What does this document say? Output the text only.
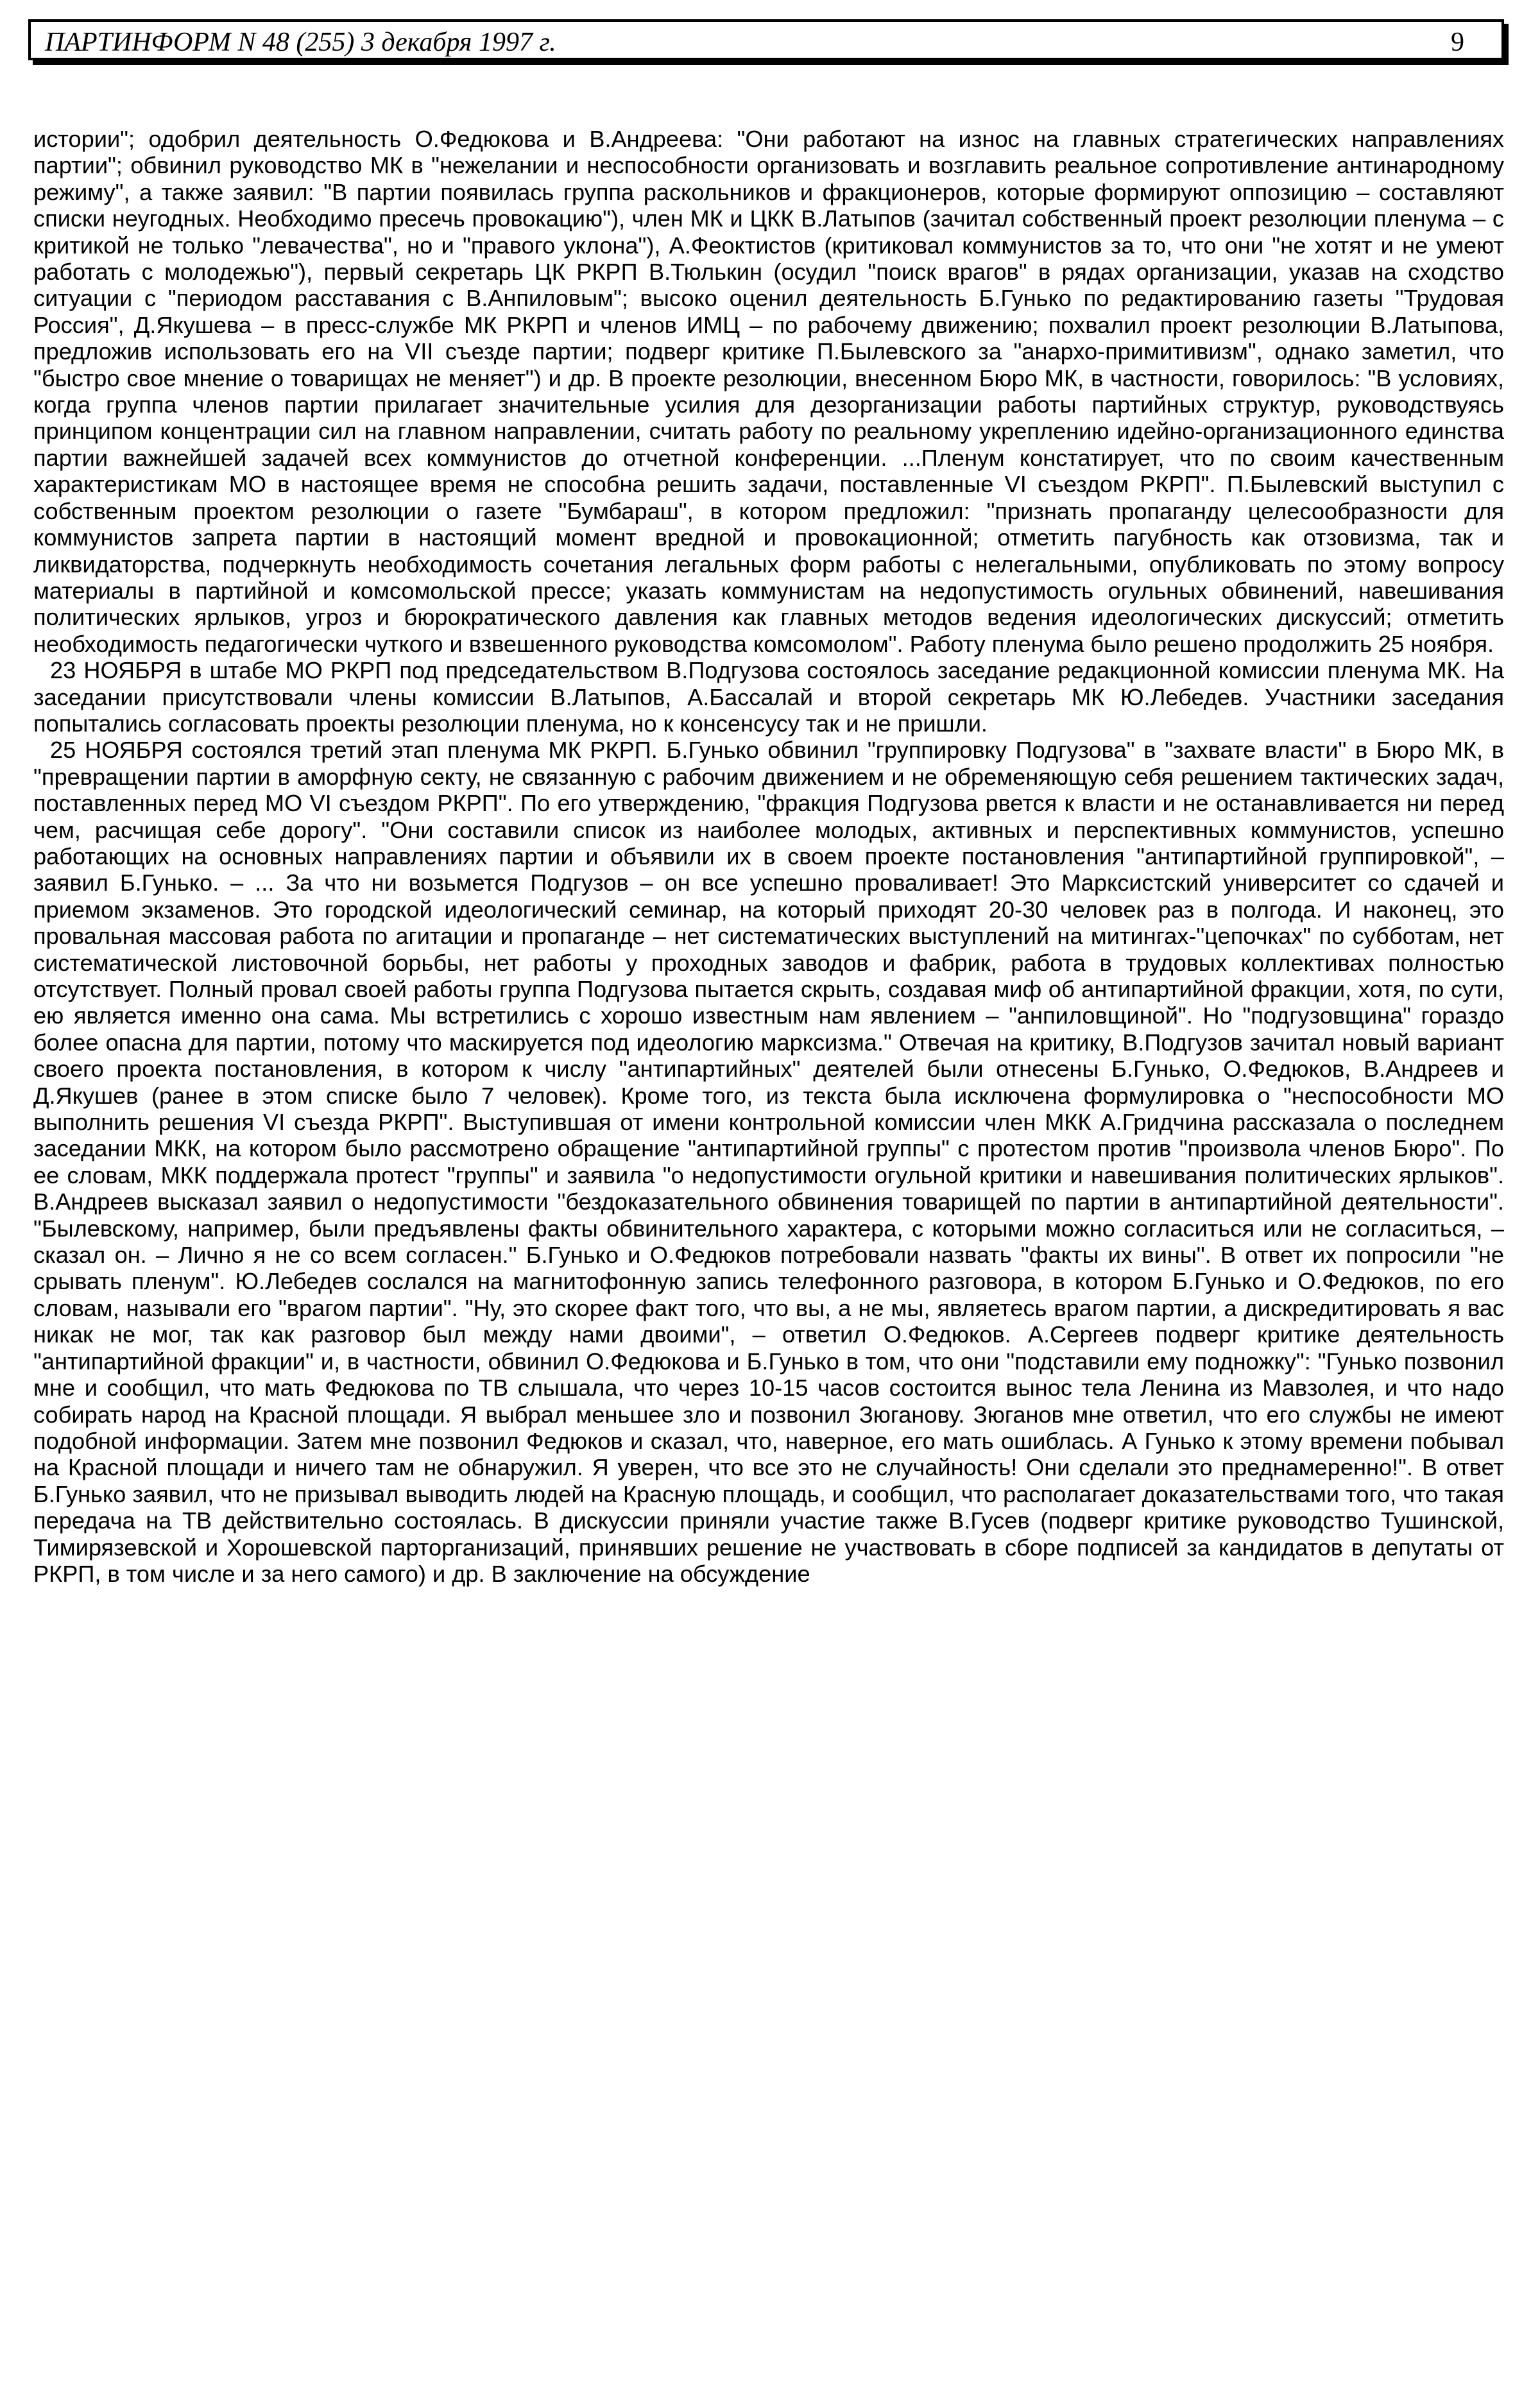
ПАРТИНФОРМ N 48 (255) 3 декабря 1997 г.	9

истории"; одобрил деятельность О.Федюкова и В.Андреева: "Они работают на износ на главных стратегических направлениях партии"; обвинил руководство МК в "нежелании и неспособности организовать и возглавить реальное сопротивление антинародному режиму", а также заявил: "В партии появилась группа раскольников и фракционеров, которые формируют оппозицию – составляют списки неугодных. Необходимо пресечь провокацию"), член МК и ЦКК В.Латыпов (зачитал собственный проект резолюции пленума – с критикой не только "левачества", но и "правого уклона"), А.Феоктистов (критиковал коммунистов за то, что они "не хотят и не умеют работать с молодежью"), первый секретарь ЦК РКРП В.Тюлькин (осудил "поиск врагов" в рядах организации, указав на сходство ситуации с "периодом расставания с В.Анпиловым"; высоко оценил деятельность Б.Гунько по редактированию газеты "Трудовая Россия", Д.Якушева – в пресс-службе МК РКРП и членов ИМЦ – по рабочему движению; похвалил проект резолюции В.Латыпова, предложив использовать его на VII съезде партии; подверг критике П.Былевского за "анархо-примитивизм", однако заметил, что "быстро свое мнение о товарищах не меняет") и др. В проекте резолюции, внесенном Бюро МК, в частности, говорилось: "В условиях, когда группа членов партии прилагает значительные усилия для дезорганизации работы партийных структур, руководствуясь принципом концентрации сил на главном направлении, считать работу по реальному укреплению идейно-организационного единства партии важнейшей задачей всех коммунистов до отчетной конференции. ...Пленум констатирует, что по своим качественным характеристикам МО в настоящее время не способна решить задачи, поставленные VI съездом РКРП". П.Былевский выступил с собственным проектом резолюции о газете "Бумбараш", в котором предложил: "признать пропаганду целесообразности для коммунистов запрета партии в настоящий момент вредной и провокационной; отметить пагубность как отзовизма, так и ликвидаторства, подчеркнуть необходимость сочетания легальных форм работы с нелегальными, опубликовать по этому вопросу материалы в партийной и комсомольской прессе; указать коммунистам на недопустимость огульных обвинений, навешивания политических ярлыков, угроз и бюрократического давления как главных методов ведения идеологических дискуссий; отметить необходимость педагогически чуткого и взвешенного руководства комсомолом". Работу пленума было решено продолжить 25 ноября.

23 НОЯБРЯ в штабе МО РКРП под председательством В.Подгузова состоялось заседание редакционной комиссии пленума МК. На заседании присутствовали члены комиссии В.Латыпов, А.Бассалай и второй секретарь МК Ю.Лебедев. Участники заседания попытались согласовать проекты резолюции пленума, но к консенсусу так и не пришли.

25 НОЯБРЯ состоялся третий этап пленума МК РКРП. Б.Гунько обвинил "группировку Подгузова" в "захвате власти" в Бюро МК, в "превращении партии в аморфную секту, не связанную с рабочим движением и не обременяющую себя решением тактических задач, поставленных перед МО VI съездом РКРП". По его утверждению, "фракция Подгузова рвется к власти и не останавливается ни перед чем, расчищая себе дорогу". "Они составили список из наиболее молодых, активных и перспективных коммунистов, успешно работающих на основных направлениях партии и объявили их в своем проекте постановления "антипартийной группировкой", – заявил Б.Гунько. – ... За что ни возьмется Подгузов – он все успешно проваливает! Это Марксистский университет со сдачей и приемом экзаменов. Это городской идеологический семинар, на который приходят 20-30 человек раз в полгода. И наконец, это провальная массовая работа по агитации и пропаганде – нет систематических выступлений на митингах-"цепочках" по субботам, нет систематической листовочной борьбы, нет работы у проходных заводов и фабрик, работа в трудовых коллективах полностью отсутствует. Полный провал своей работы группа Подгузова пытается скрыть, создавая миф об антипартийной фракции, хотя, по сути, ею является именно она сама. Мы встретились с хорошо известным нам явлением – "анпиловщиной". Но "подгузовщина" гораздо более опасна для партии, потому что маскируется под идеологию марксизма." Отвечая на критику, В.Подгузов зачитал новый вариант своего проекта постановления, в котором к числу "антипартийных" деятелей были отнесены Б.Гунько, О.Федюков, В.Андреев и Д.Якушев (ранее в этом списке было 7 человек). Кроме того, из текста была исключена формулировка о "неспособности МО выполнить решения VI съезда РКРП". Выступившая от имени контрольной комиссии член МКК А.Гридчина рассказала о последнем заседании МКК, на котором было рассмотрено обращение "антипартийной группы" с протестом против "произвола членов Бюро". По ее словам, МКК поддержала протест "группы" и заявила "о недопустимости огульной критики и навешивания политических ярлыков". В.Андреев высказал заявил о недопустимости "бездоказательного обвинения товарищей по партии в антипартийной деятельности". "Былевскому, например, были предъявлены факты обвинительного характера, с которыми можно согласиться или не согласиться, – сказал он. – Лично я не со всем согласен." Б.Гунько и О.Федюков потребовали назвать "факты их вины". В ответ их попросили "не срывать пленум". Ю.Лебедев сослался на магнитофонную запись телефонного разговора, в котором Б.Гунько и О.Федюков, по его словам, называли его "врагом партии". "Ну, это скорее факт того, что вы, а не мы, являетесь врагом партии, а дискредитировать я вас никак не мог, так как разговор был между нами двоими", – ответил О.Федюков. А.Сергеев подверг критике деятельность "антипартийной фракции" и, в частности, обвинил О.Федюкова и Б.Гунько в том, что они "подставили ему подножку": "Гунько позвонил мне и сообщил, что мать Федюкова по ТВ слышала, что через 10-15 часов состоится вынос тела Ленина из Мавзолея, и что надо собирать народ на Красной площади. Я выбрал меньшее зло и позвонил Зюганову. Зюганов мне ответил, что его службы не имеют подобной информации. Затем мне позвонил Федюков и сказал, что, наверное, его мать ошиблась. А Гунько к этому времени побывал на Красной площади и ничего там не обнаружил. Я уверен, что все это не случайность! Они сделали это преднамеренно!". В ответ Б.Гунько заявил, что не призывал выводить людей на Красную площадь, и сообщил, что располагает доказательствами того, что такая передача на ТВ действительно состоялась. В дискуссии приняли участие также В.Гусев (подверг критике руководство Тушинской, Тимирязевской и Хорошевской парторганизаций, принявших решение не участвовать в сборе подписей за кандидатов в депутаты от РКРП, в том числе и за него самого) и др. В заключение на обсуждение
